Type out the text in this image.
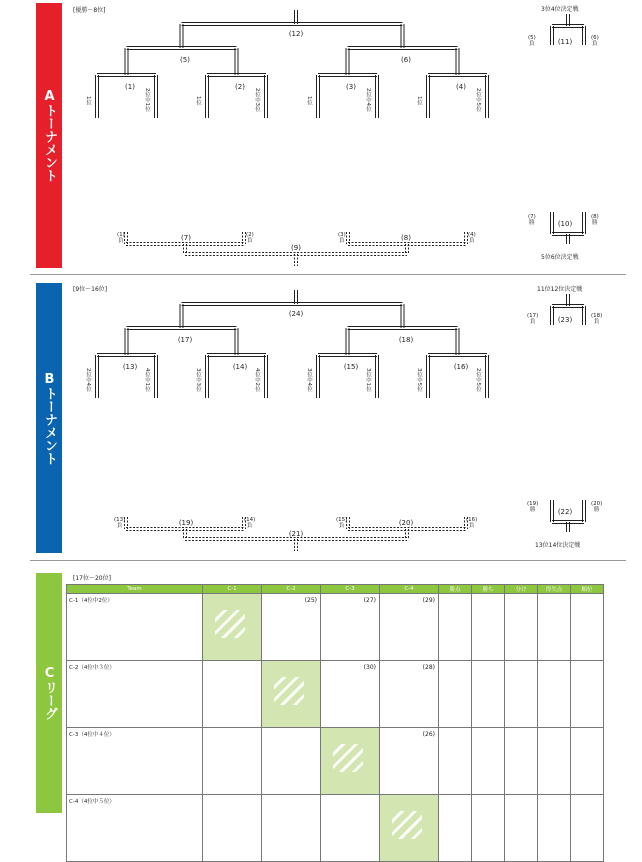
Aトーナメント
Bトーナメント
Cリーグ
[優勝〜8位]
[9位〜16位]
[17位〜20位]
(12)
(5)	(6)
(1)	(2)	(3)	(4)
1位	2位中1位	1位	2位中3位	1位	2位中4位	1位	2位中5位
3位4位決定戦
(11)
(5)
負
(6)
負
(1)
負
(2)
負
(3)
負
(4)
負
(7)	(8)
(9)
(10)
(7)
勝
(8)
勝
5位6位決定戦
(24)
(17)	(18)
(13)	(14)	(15)	(16)
2位中4位	4位中1位	3位中3位	4位中2位	3位中4位	3位中1位	3位中5位	2位中5位
11位12位決定戦
(23)
(17)
負
(18)
負
(13)
負
(14)
負
(15)
負
(16)
負
(19)	(20)
(21)
(22)
(19)
勝
(20)
勝
13位14位決定戦
Team	C-1	C-2	C-3	C-4	勝点	勝ち	分け	得失点	順位
C-1（4位中2位）		(25)	(27)	(29)					
C-2（4位中３位）			(30)	(28)					
C-3（4位中４位）				(26)					
C-4（4位中５位）				
